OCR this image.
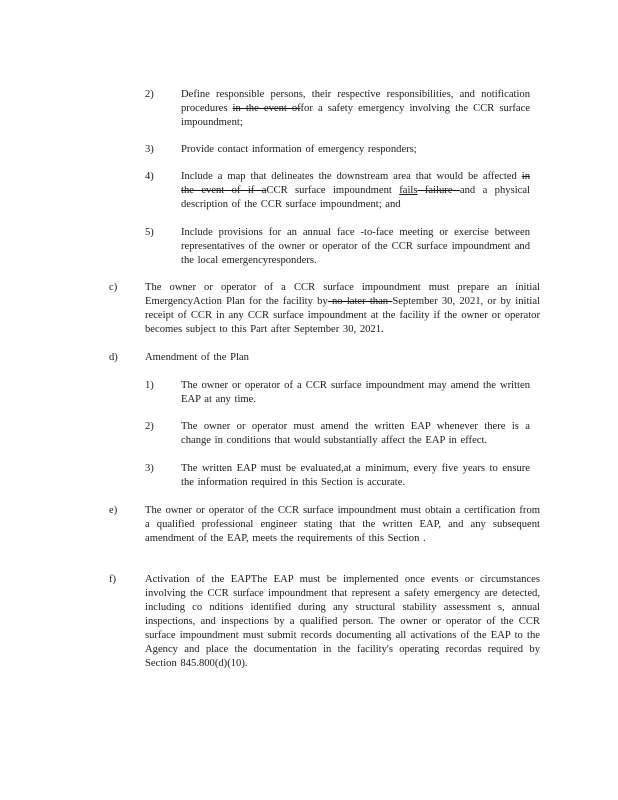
2)	Define responsible persons, their respective responsibilities, and notification procedures in the event offor a safety emergency involving the CCR surface impoundment;
3)	Provide contact information of emergency responders;
4)	Include a map that delineates the downstream area that would be affected in the event of if aCCR surface impoundment fails failure and a physical description of the CCR surface impoundment; and
5)	Include provisions for an annual face -to-face meeting or exercise between representatives of the owner or operator of the CCR surface impoundment and the local emergencyresponders.
c)	The owner or operator of a CCR surface impoundment must prepare an initial EmergencyAction Plan for the facility by no later than September 30, 2021, or by initial receipt of CCR in any CCR surface impoundment at the facility if the owner or operator becomes subject to this Part after September 30, 2021.
d)	Amendment of the Plan
1)	The owner or operator of a CCR surface impoundment may amend the written EAP at any time.
2)	The owner or operator must amend the written EAP whenever there is a change in conditions that would substantially affect the EAP in effect.
3)	The written EAP must be evaluated,at a minimum, every five years to ensure the information required in this Section is accurate.
e)	The owner or operator of the CCR surface impoundment must obtain a certification from a qualified professional engineer stating that the written EAP, and any subsequent amendment of the EAP, meets the requirements of this Section .
f)	Activation of the EAPThe EAP must be implemented once events or circumstances involving the CCR surface impoundment that represent a safety emergency are detected, including co nditions identified during any structural stability assessment s, annual inspections, and inspections by a qualified person. The owner or operator of the CCR surface impoundment must submit records documenting all activations of the EAP to the Agency and place the documentation in the facility's operating recordas required by Section 845.800(d)(10).
